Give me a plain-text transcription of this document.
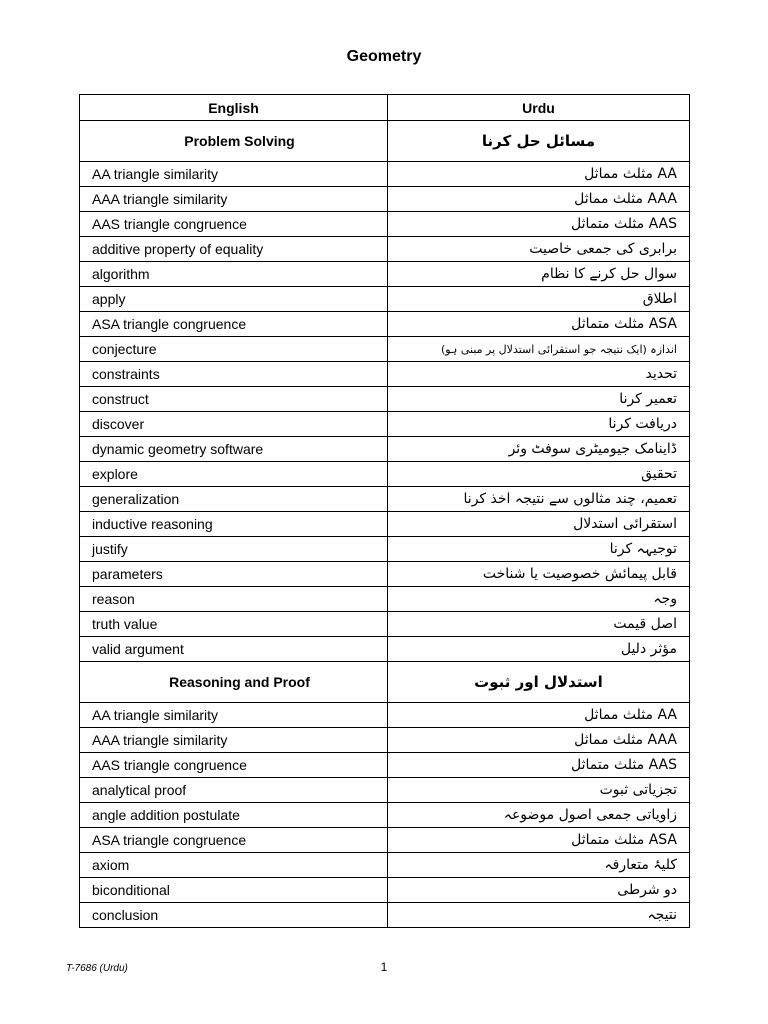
Geometry
English	Urdu
Problem Solving	مسائل حل کرنا
AA triangle similarity	AA مثلث مماثل
AAA triangle similarity	AAA مثلث مماثل
AAS triangle congruence	AAS مثلث متماثل
additive property of equality	برابری کی جمعی خاصیت
algorithm	سوال حل کرنے کا نظام
apply	اطلاق
ASA triangle congruence	ASA مثلث متماثل
conjecture	اندازہ (ایک نتیجہ جو استقرائی استدلال پر مبنی ہو)
constraints	تحدید
construct	تعمیر کرنا
discover	دریافت کرنا
dynamic geometry software	ڈاینامک جیومیٹری سوفٹ وئر
explore	تحقیق
generalization	تعمیم، چند مثالوں سے نتیجہ اخذ کرنا
inductive reasoning	استقرائی استدلال
justify	توجیہہ کرنا
parameters	قابل پیمائش خصوصیت یا شناخت
reason	وجہ
truth value	اصل قیمت
valid argument	مؤثر دلیل
Reasoning and Proof	استدلال اور ثبوت
AA triangle similarity	AA مثلث مماثل
AAA triangle similarity	AAA مثلث مماثل
AAS triangle congruence	AAS مثلث متماثل
analytical proof	تجزیاتی ثبوت
angle addition postulate	زاویاتی جمعی اصول موضوعہ
ASA triangle congruence	ASA مثلث متماثل
axiom	کلیۂ متعارفہ
biconditional	دو شرطی
conclusion	نتیجہ
T-7686 (Urdu)	1
